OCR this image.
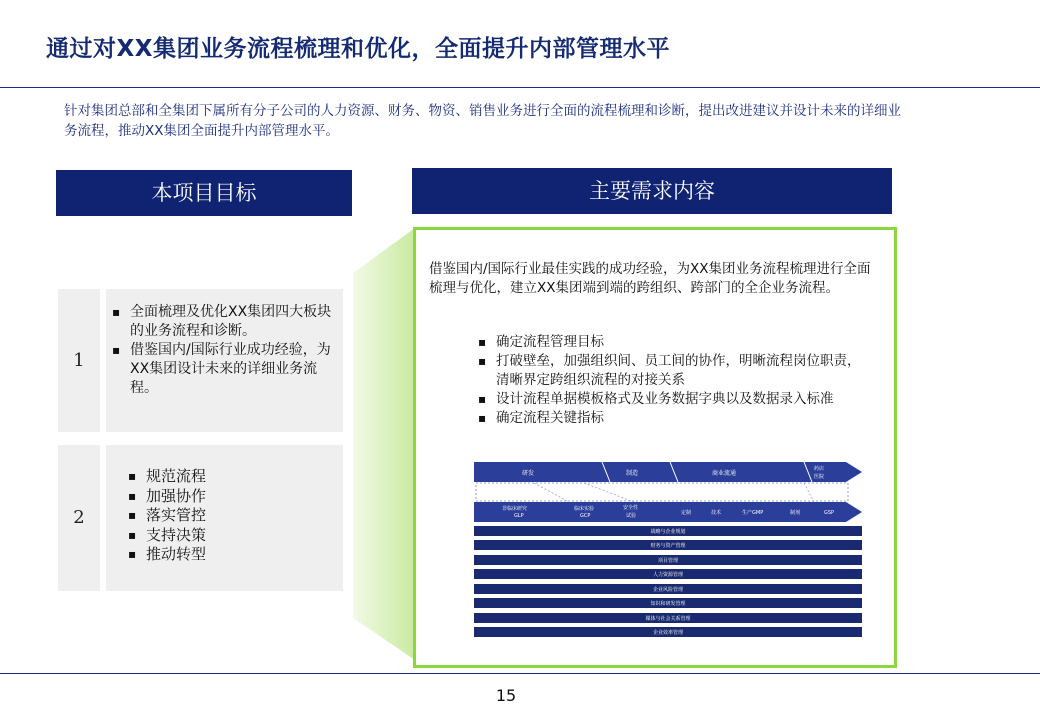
通过对XX集团业务流程梳理和优化，全面提升内部管理水平
针对集团总部和全集团下属所有分子公司的人力资源、财务、物资、销售业务进行全面的流程梳理和诊断，提出改进建议并设计未来的详细业务流程，推动XX集团全面提升内部管理水平。
本项目目标	主要需求内容
1
▪ 全面梳理及优化XX集团四大板块的业务流程和诊断。
▪ 借鉴国内/国际行业成功经验，为XX集团设计未来的详细业务流程。
2
▪ 规范流程
▪ 加强协作
▪ 落实管控
▪ 支持决策
▪ 推动转型
借鉴国内/国际行业最佳实践的成功经验，为XX集团业务流程梳理进行全面梳理与优化，建立XX集团端到端的跨组织、跨部门的全企业务流程。
▪ 确定流程管理目标
▪ 打破壁垒，加强组织间、员工间的协作，明晰流程岗位职责，清晰界定跨组织流程的对接关系
▪ 设计流程单据模板格式及业务数据字典以及数据录入标准
▪ 确定流程关键指标
研发	制造	商业流通
药店
医院
非临床研究
GLP
临床实验
GCP
安全性
试验	定制	技术	生产GMP	制剂	GSP
战略与企业规划
财务与资产管理
项目管理
人力资源管理
企业风险管理
知识和研发管理
媒体与社会关系管理
企业效率管理
15
